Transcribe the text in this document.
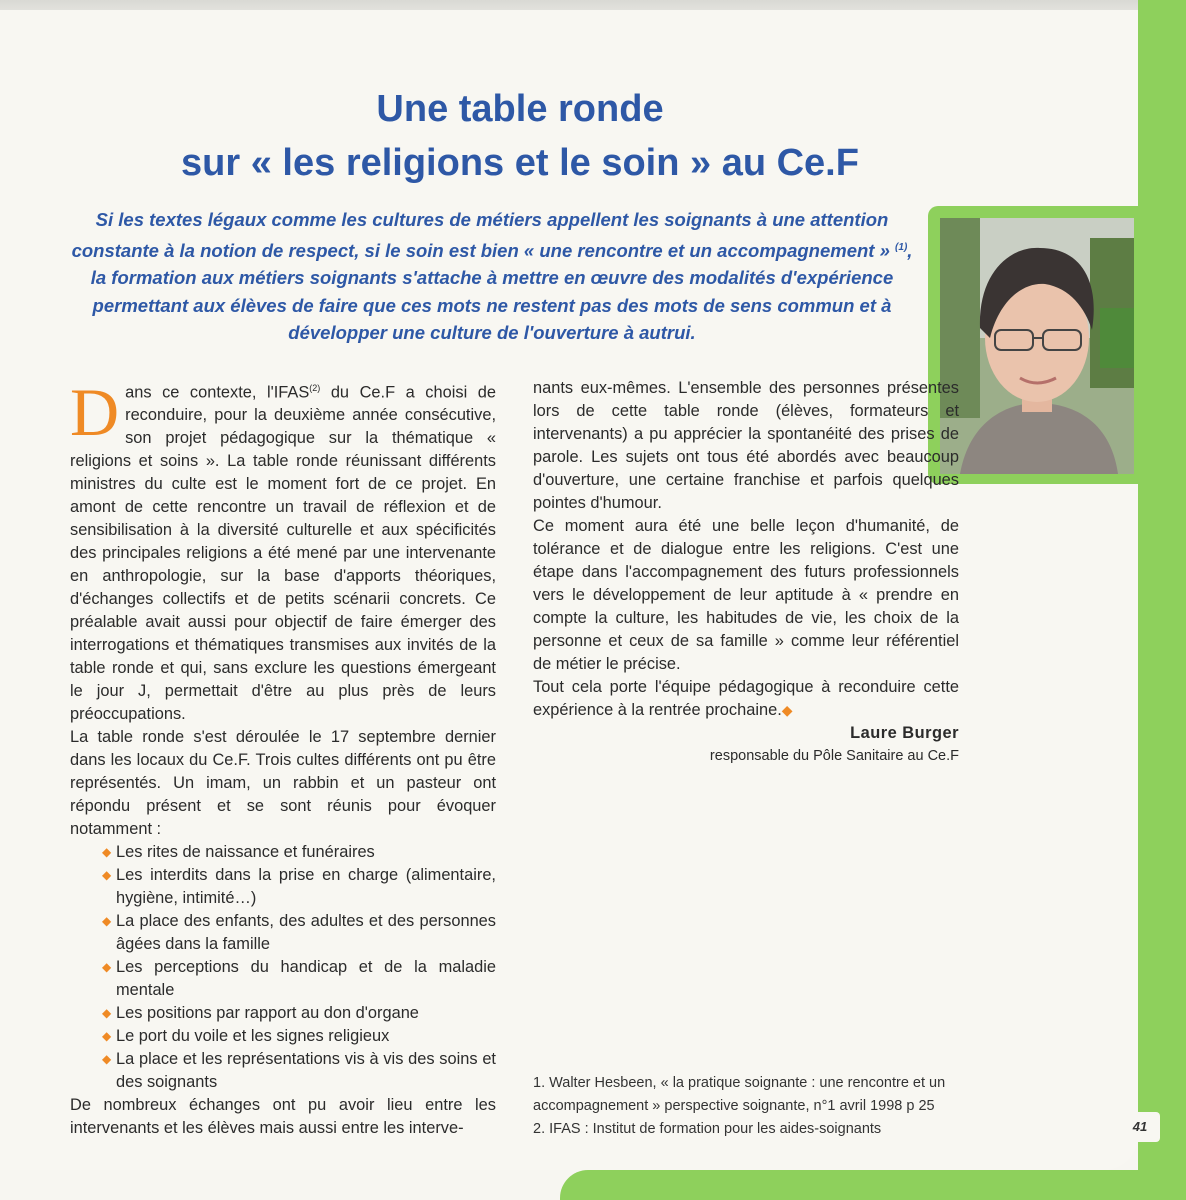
Une table ronde
sur « les religions et le soin » au Ce.F

Si les textes légaux comme les cultures de métiers appellent les soignants à une attention constante à la notion de respect, si le soin est bien « une rencontre et un accompagnement » $^{(1)}$, la formation aux métiers soignants s'attache à mettre en œuvre des modalités d'expérience permettant aux élèves de faire que ces mots ne restent pas des mots de sens commun et à développer une culture de l'ouverture à autrui.

Dans ce contexte, l'IFAS$^{(2)}$ du Ce.F a choisi de reconduire, pour la deuxième année consécutive, son projet pédagogique sur la thématique « religions et soins ». La table ronde réunissant différents ministres du culte est le moment fort de ce projet. En amont de cette rencontre un travail de réflexion et de sensibilisation à la diversité culturelle et aux spécificités des principales religions a été mené par une intervenante en anthropologie, sur la base d'apports théoriques, d'échanges collectifs et de petits scénarii concrets. Ce préalable avait aussi pour objectif de faire émerger des interrogations et thématiques transmises aux invités de la table ronde et qui, sans exclure les questions émergeant le jour J, permettait d'être au plus près de leurs préoccupations.

La table ronde s'est déroulée le 17 septembre dernier dans les locaux du Ce.F. Trois cultes différents ont pu être représentés. Un imam, un rabbin et un pasteur ont répondu présent et se sont réunis pour évoquer notamment :

◆ Les rites de naissance et funéraires
◆ Les interdits dans la prise en charge (alimentaire, hygiène, intimité…)
◆ La place des enfants, des adultes et des personnes âgées dans la famille
◆ Les perceptions du handicap et de la maladie mentale
◆ Les positions par rapport au don d'organe
◆ Le port du voile et les signes religieux
◆ La place et les représentations vis à vis des soins et des soignants

De nombreux échanges ont pu avoir lieu entre les intervenants et les élèves mais aussi entre les interve-

nants eux-mêmes. L'ensemble des personnes présentes lors de cette table ronde (élèves, formateurs et intervenants) a pu apprécier la spontanéité des prises de parole. Les sujets ont tous été abordés avec beaucoup d'ouverture, une certaine franchise et parfois quelques pointes d'humour.

Ce moment aura été une belle leçon d'humanité, de tolérance et de dialogue entre les religions. C'est une étape dans l'accompagnement des futurs professionnels vers le développement de leur aptitude à « prendre en compte la culture, les habitudes de vie, les choix de la personne et ceux de sa famille » comme leur référentiel de métier le précise.

Tout cela porte l'équipe pédagogique à reconduire cette expérience à la rentrée prochaine.◆

Laure Burger

responsable du Pôle Sanitaire au Ce.F

1. Walter Hesbeen, « la pratique soignante : une rencontre et un accompagnement » perspective soignante, n°1 avril 1998 p 25

2. IFAS : Institut de formation pour les aides-soignants	41
